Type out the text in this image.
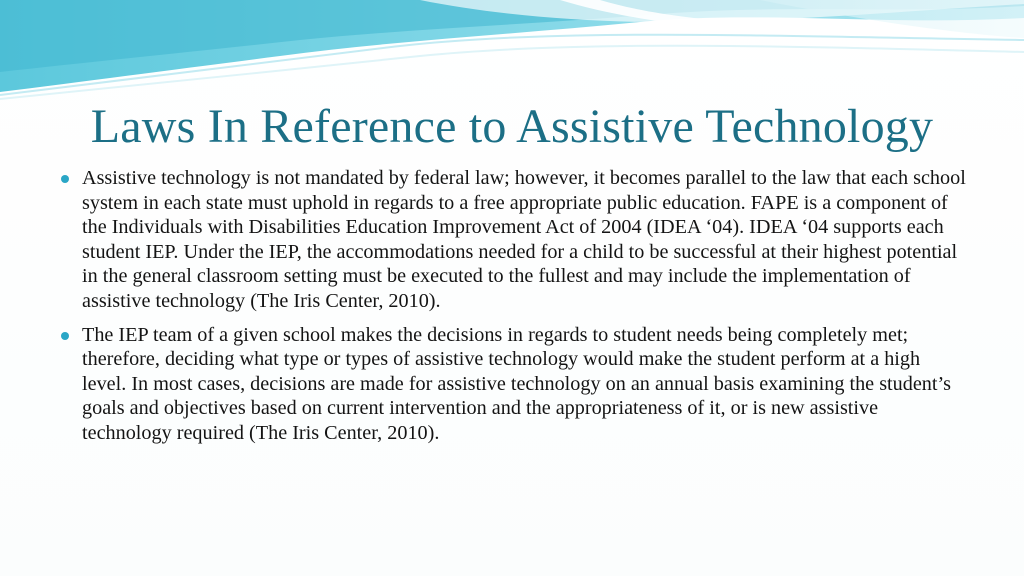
Laws In Reference to Assistive Technology
Assistive technology is not mandated by federal law; however, it becomes parallel to the law that each school system in each state must uphold in regards to a free appropriate public education. FAPE is a component of the Individuals with Disabilities Education Improvement Act of 2004 (IDEA ‘04). IDEA ‘04 supports each student IEP. Under the IEP, the accommodations needed for a child to be successful at their highest potential in the general classroom setting must be executed to the fullest and may include the implementation of assistive technology (The Iris Center, 2010).
The IEP team of a given school makes the decisions in regards to student needs being completely met; therefore, deciding what type or types of assistive technology would make the student perform at a high level. In most cases, decisions are made for assistive technology on an annual basis examining the student’s goals and objectives based on current intervention and the appropriateness of it, or is new assistive technology required (The Iris Center, 2010).
